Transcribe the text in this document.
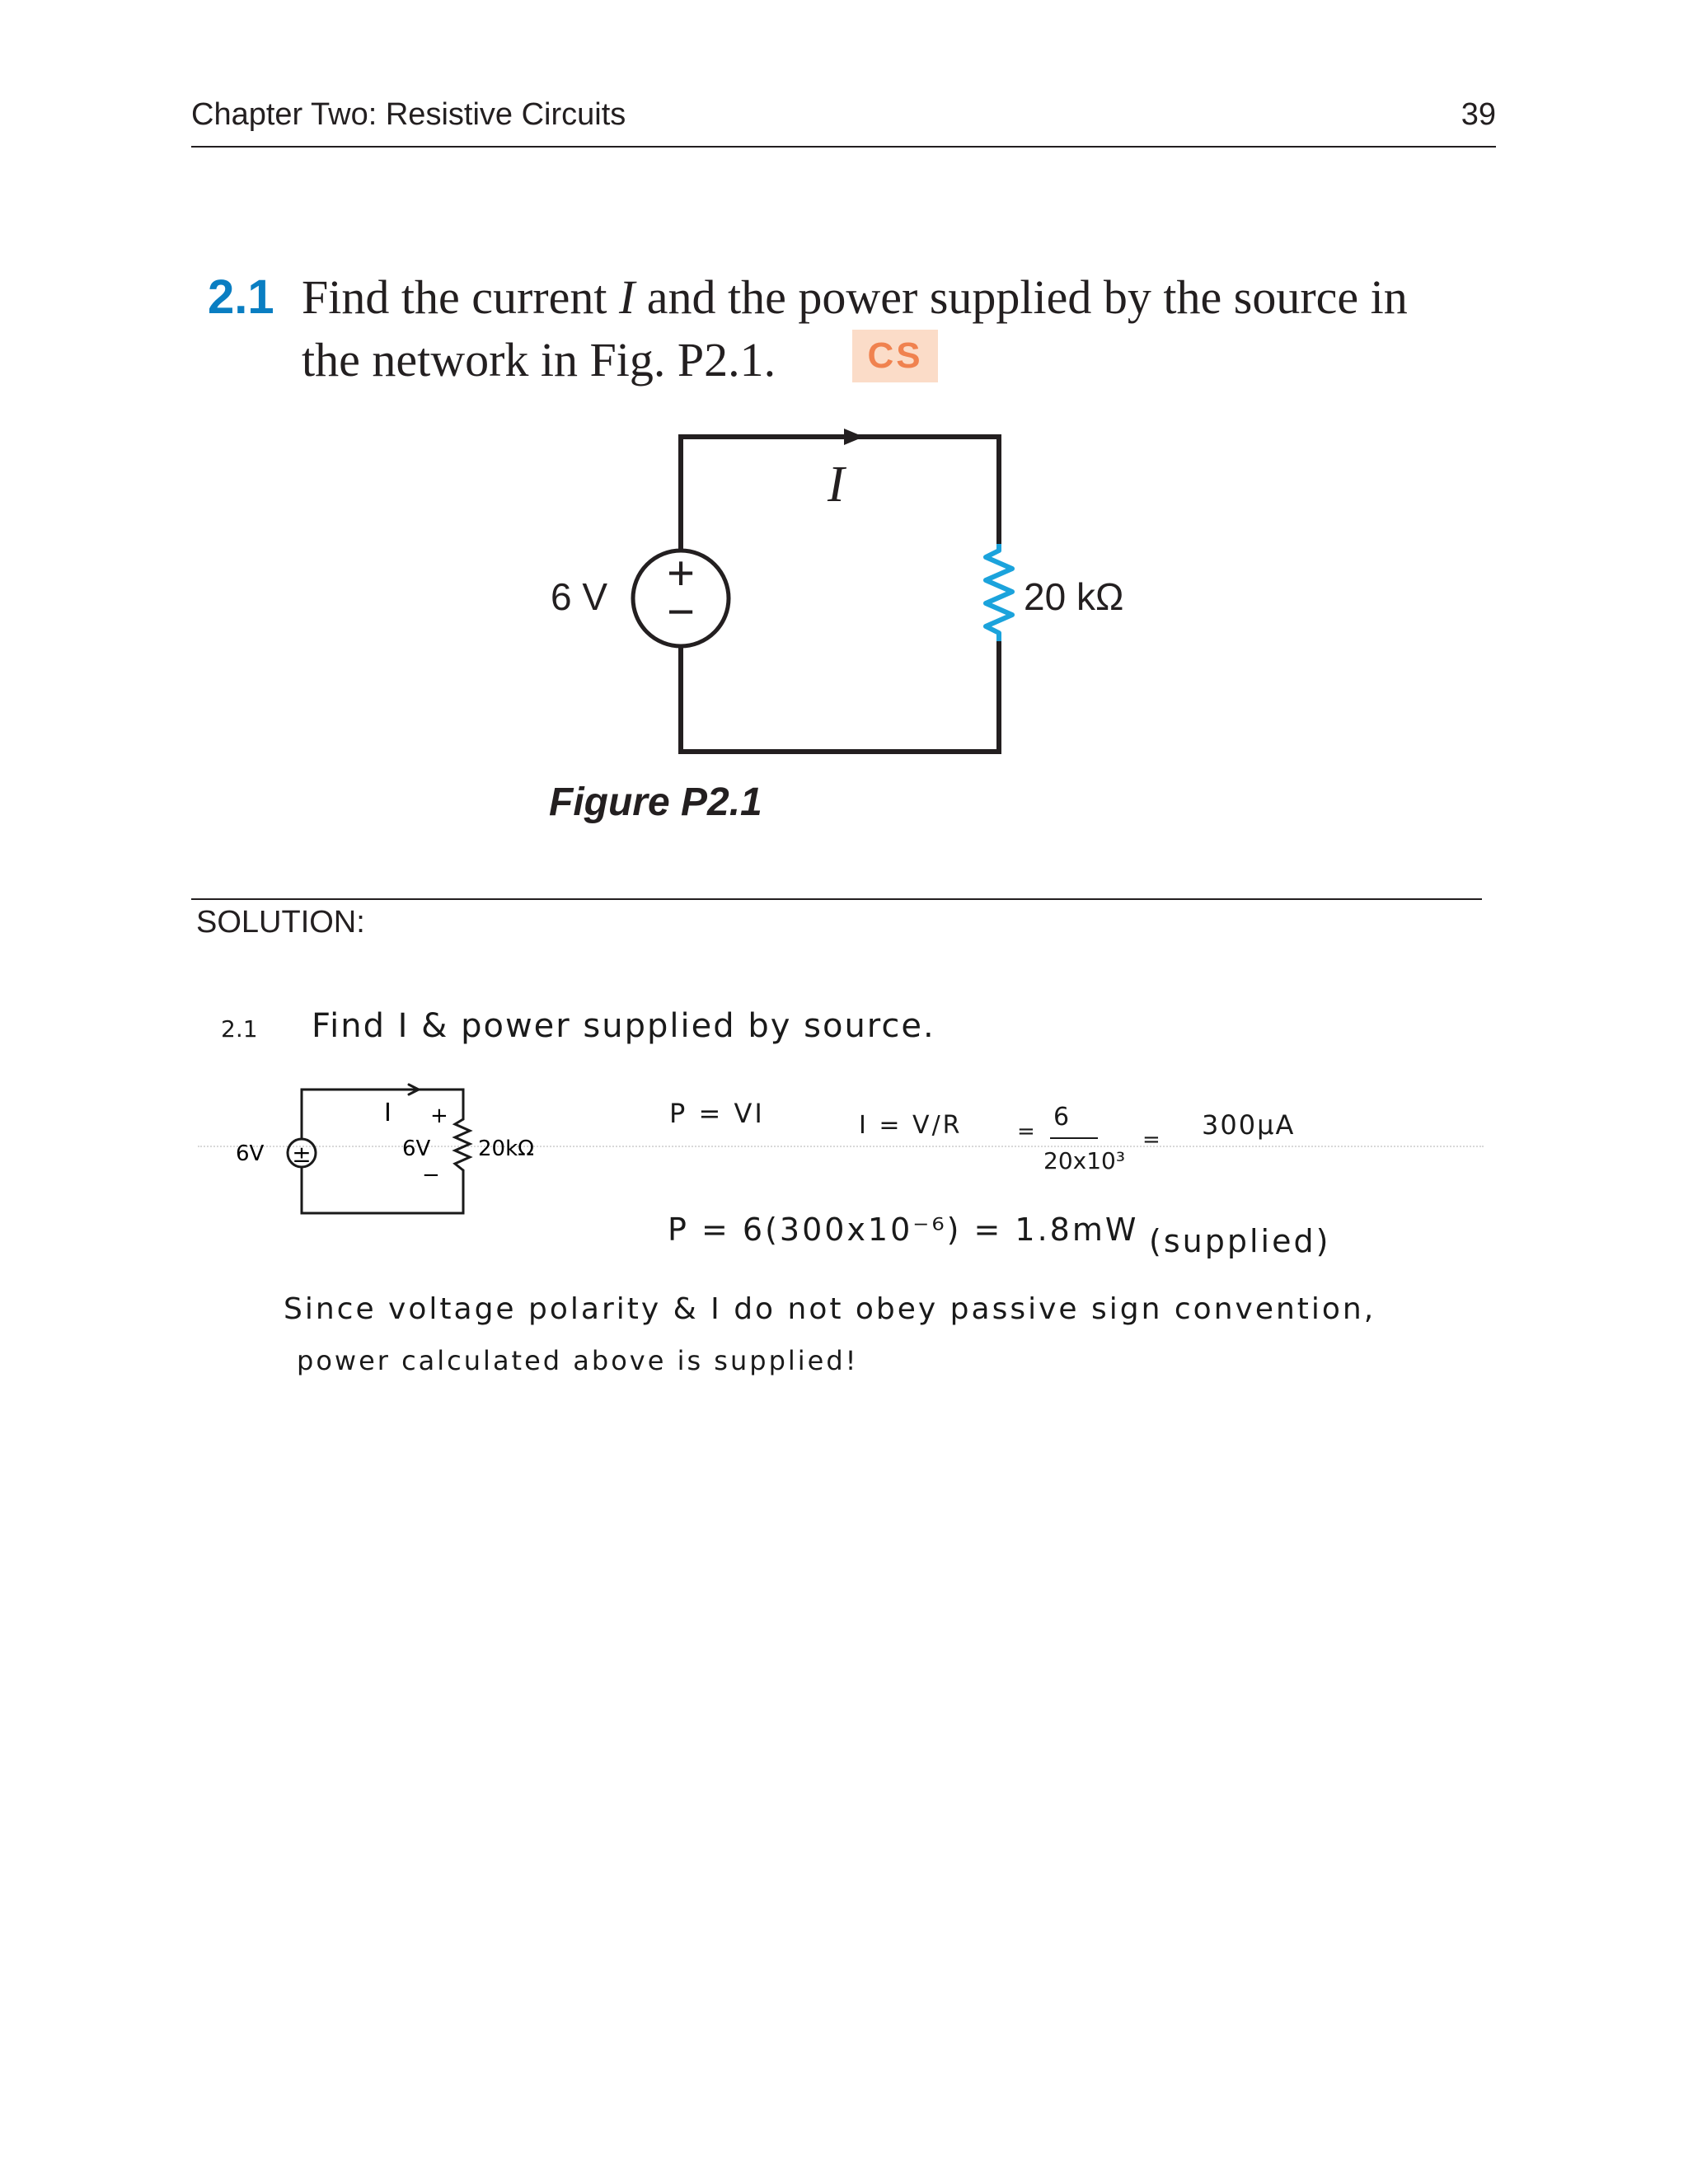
Chapter Two: Resistive Circuits	39
2.1 Find the current I and the power supplied by the source in
the network in Fig. P2.1.	CS
+
−
I
6 V	20 kΩ
Figure P2.1
SOLUTION:
2.1 Find I & power supplied by source.
±
6V
I +
6V
−
20kΩ
P = VI	I = V/R	= 6
20x10³
= 300μA
P = 6(300x10⁻⁶) = 1.8mW (supplied)
Since voltage polarity & I do not obey passive sign convention,
power calculated above is supplied!
